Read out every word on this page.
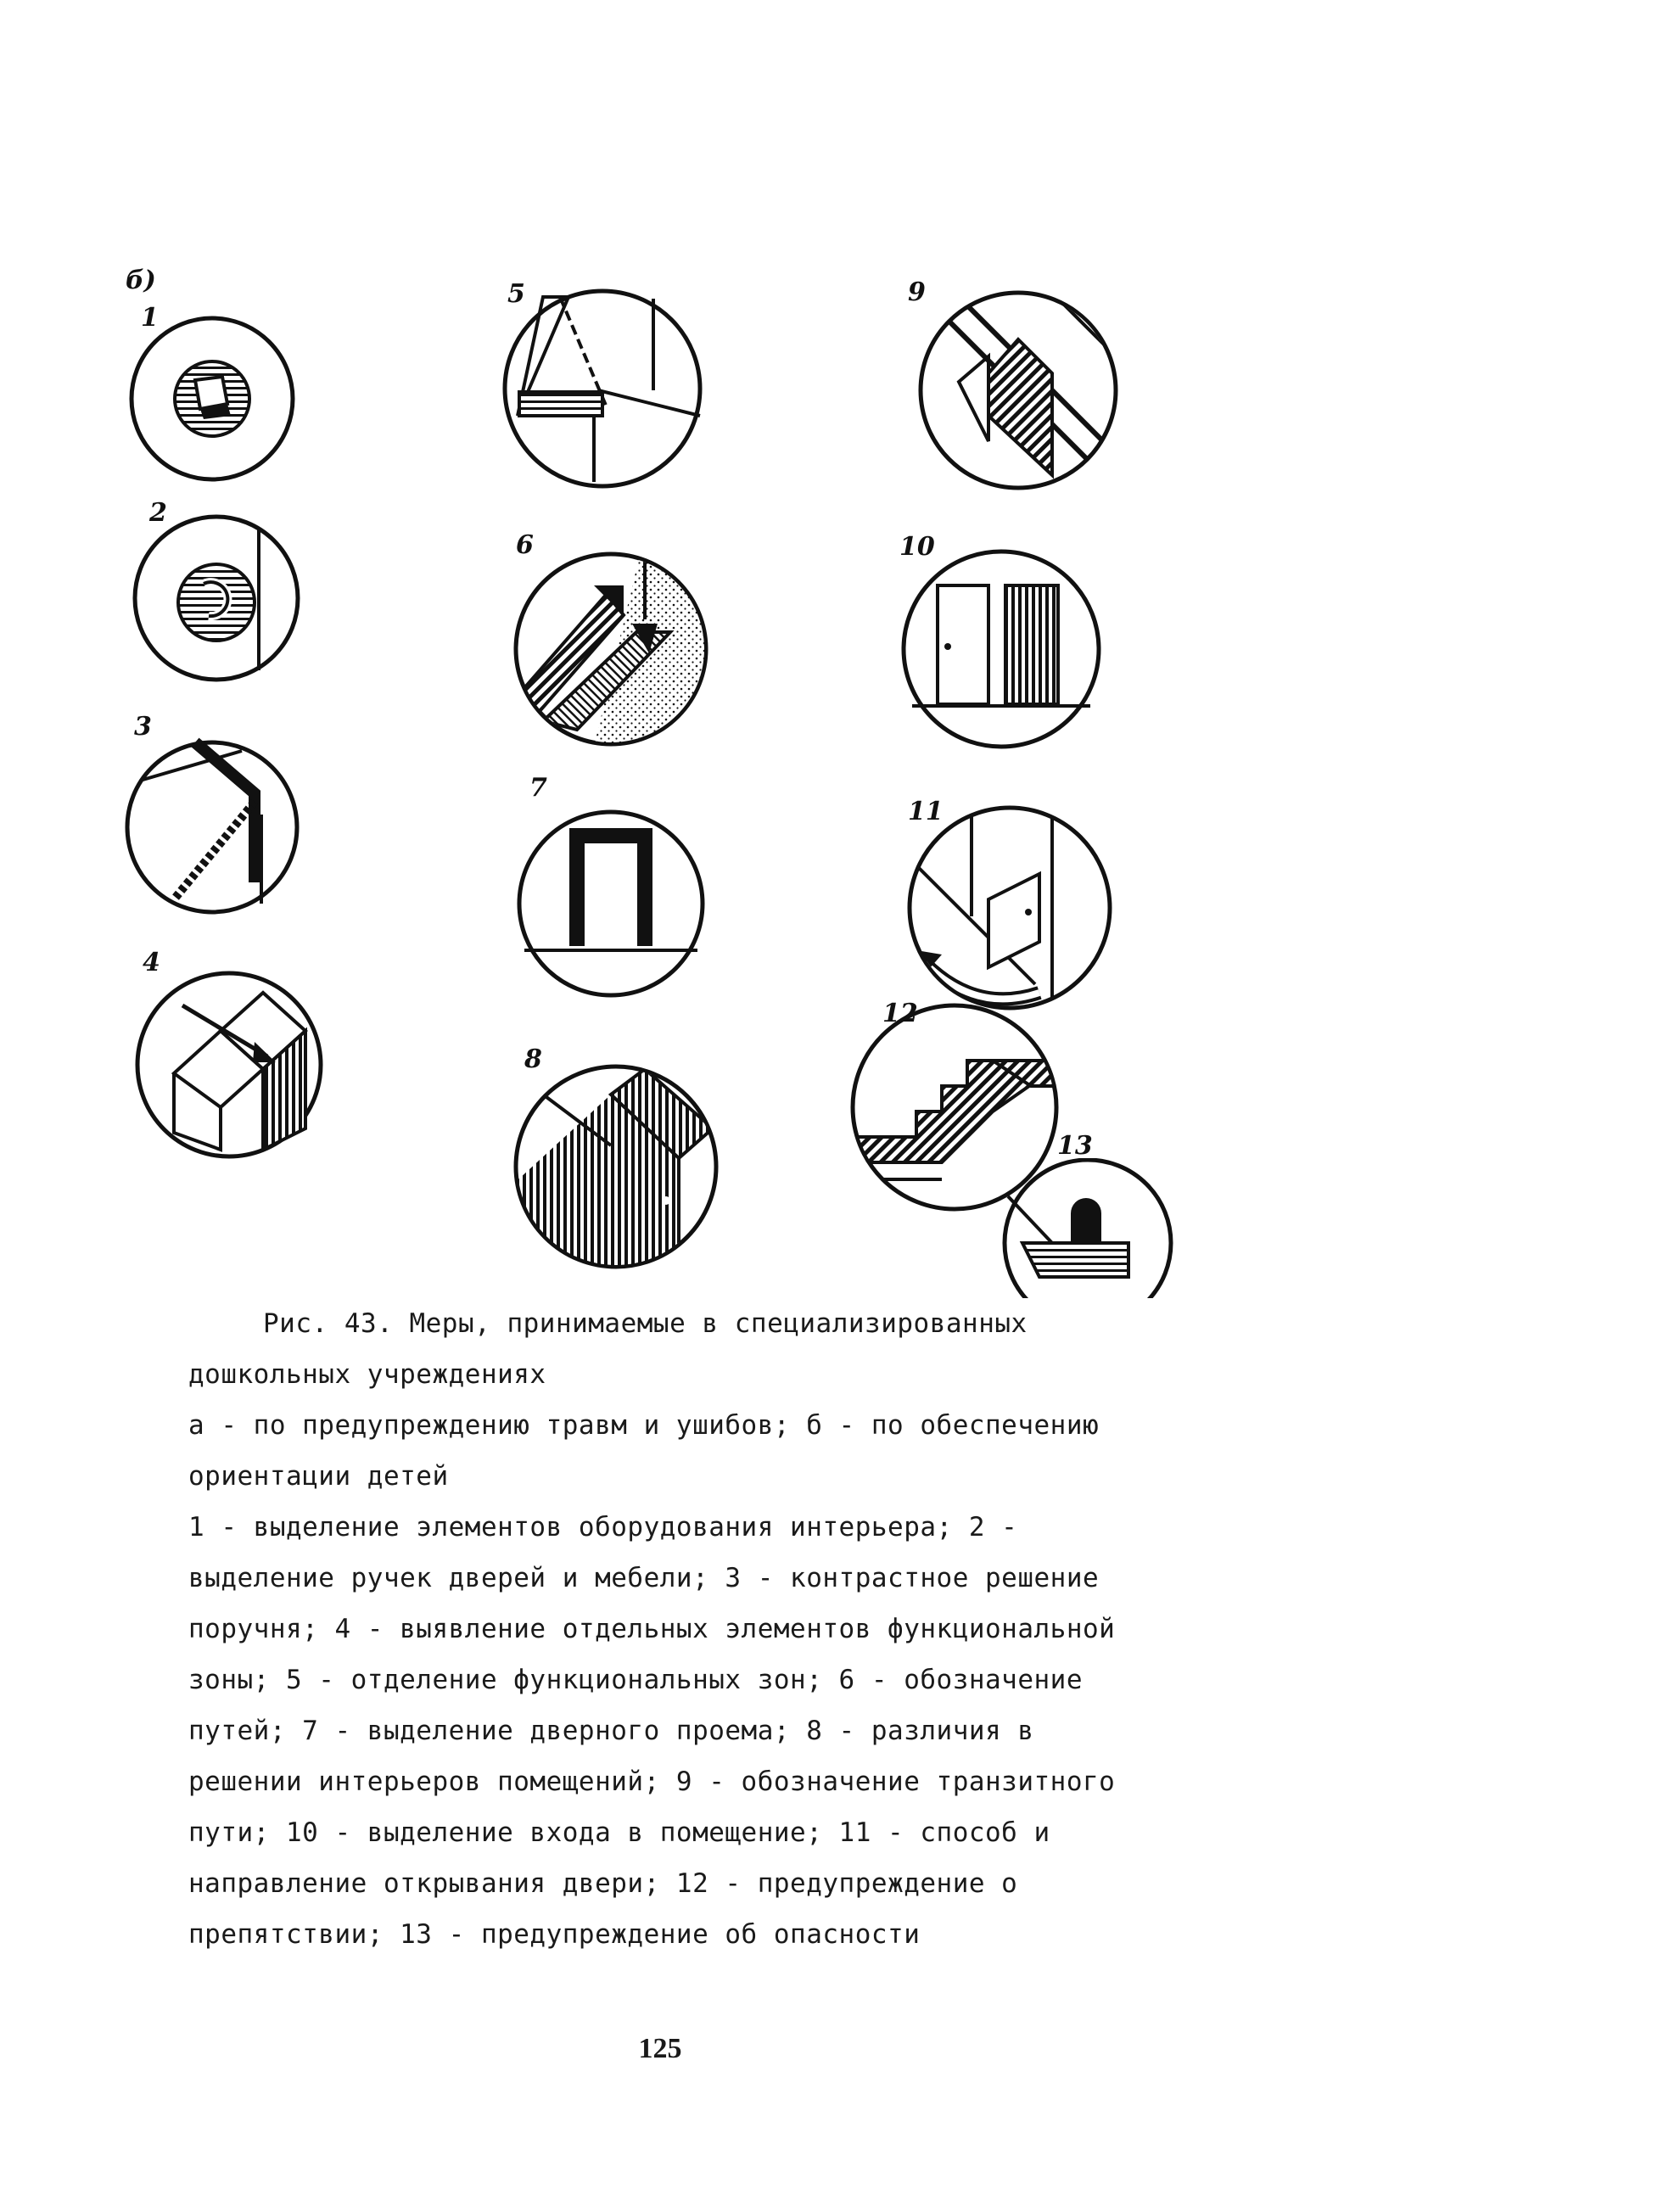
б)
1
2
3
4
5
6
7
8
9
10
11
12
13

Рис. 43. Меры, принимаемые в специализированных дошкольных учреждениях

а - по предупреждению травм и ушибов; б - по обеспечению ориентации детей

1 - выделение элементов оборудования интерьера; 2 - выделение ручек дверей и мебели; 3 - контрастное решение поручня; 4 - выявление отдельных элементов функциональной зоны; 5 - отделение функциональных зон; 6 - обозначение путей; 7 - выделение дверного проема; 8 - различия в решении интерьеров помещений; 9 - обозначение транзитного пути; 10 - выделение входа в помещение; 11 - способ и направление открывания двери; 12 - предупреждение о препятствии; 13 - предупреждение об опасности

125
